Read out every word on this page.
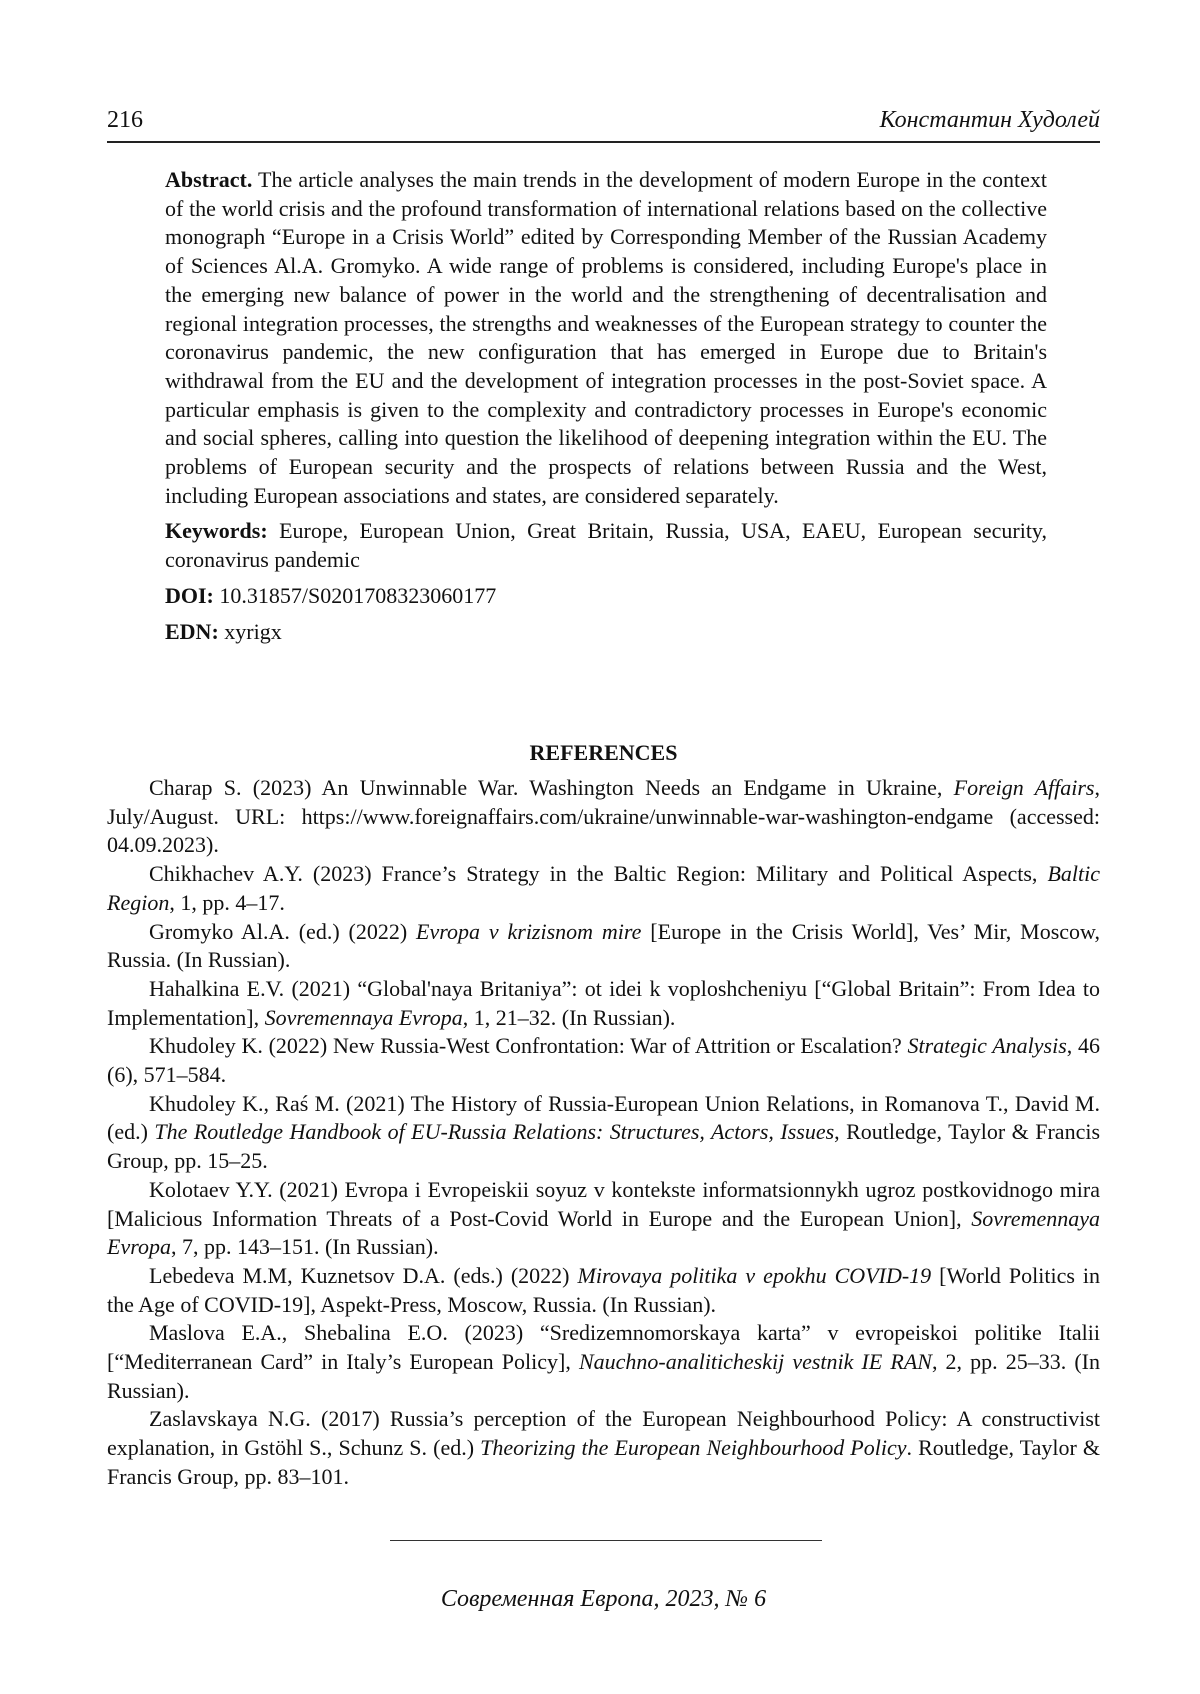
216	Константин Худолей

Abstract. The article analyses the main trends in the development of modern Europe in the context of the world crisis and the profound transformation of international relations based on the collective monograph “Europe in a Crisis World” edited by Corresponding Member of the Russian Academy of Sciences Al.A. Gromyko. A wide range of problems is considered, including Europe's place in the emerging new balance of power in the world and the strengthening of decentralisation and regional integration processes, the strengths and weaknesses of the European strategy to counter the coronavirus pandemic, the new configuration that has emerged in Europe due to Britain's withdrawal from the EU and the development of integration processes in the post-Soviet space. A particular emphasis is given to the complexity and contradictory processes in Europe's economic and social spheres, calling into question the likelihood of deepening integration within the EU. The problems of European security and the prospects of relations between Russia and the West, including European associations and states, are considered separately.

Keywords: Europe, European Union, Great Britain, Russia, USA, EAEU, European security, coronavirus pandemic

DOI: 10.31857/S0201708323060177

EDN: xyrigx

REFERENCES

Charap S. (2023) An Unwinnable War. Washington Needs an Endgame in Ukraine, Foreign Affairs, July/August. URL: https://www.foreignaffairs.com/ukraine/unwinnable-war-washington-endgame (accessed: 04.09.2023).

Chikhachev A.Y. (2023) France’s Strategy in the Baltic Region: Military and Political Aspects, Baltic Region, 1, pp. 4–17.

Gromyko Al.A. (ed.) (2022) Evropa v krizisnom mire [Europe in the Crisis World], Ves’ Mir, Moscow, Russia. (In Russian).

Hahalkina E.V. (2021) “Global'naya Britaniya”: ot idei k voploshcheniyu [“Global Britain”: From Idea to Implementation], Sovremennaya Evropa, 1, 21–32. (In Russian).

Khudoley K. (2022) New Russia-West Confrontation: War of Attrition or Escalation? Strategic Analysis, 46 (6), 571–584.

Khudoley K., Raś M. (2021) The History of Russia-European Union Relations, in Romanova T., David M. (ed.) The Routledge Handbook of EU-Russia Relations: Structures, Actors, Issues, Routledge, Taylor & Francis Group, pp. 15–25.

Kolotaev Y.Y. (2021) Evropa i Evropeiskii soyuz v kontekste informatsionnykh ugroz postkovidnogo mira [Malicious Information Threats of a Post-Covid World in Europe and the European Union], Sovremennaya Evropa, 7, pp. 143–151. (In Russian).

Lebedeva M.M, Kuznetsov D.A. (eds.) (2022) Mirovaya politika v epokhu COVID-19 [World Politics in the Age of COVID-19], Aspekt-Press, Moscow, Russia. (In Russian).

Maslova E.A., Shebalina E.O. (2023) “Sredizemnomorskaya karta” v evropeiskoi politike Italii [“Mediterranean Card” in Italy’s European Policy], Nauchno-analiticheskij vestnik IE RAN, 2, pp. 25–33. (In Russian).

Zaslavskaya N.G. (2017) Russia’s perception of the European Neighbourhood Policy: A constructivist explanation, in Gstöhl S., Schunz S. (ed.) Theorizing the European Neighbourhood Policy. Routledge, Taylor & Francis Group, pp. 83–101.

Современная Европа, 2023, № 6
